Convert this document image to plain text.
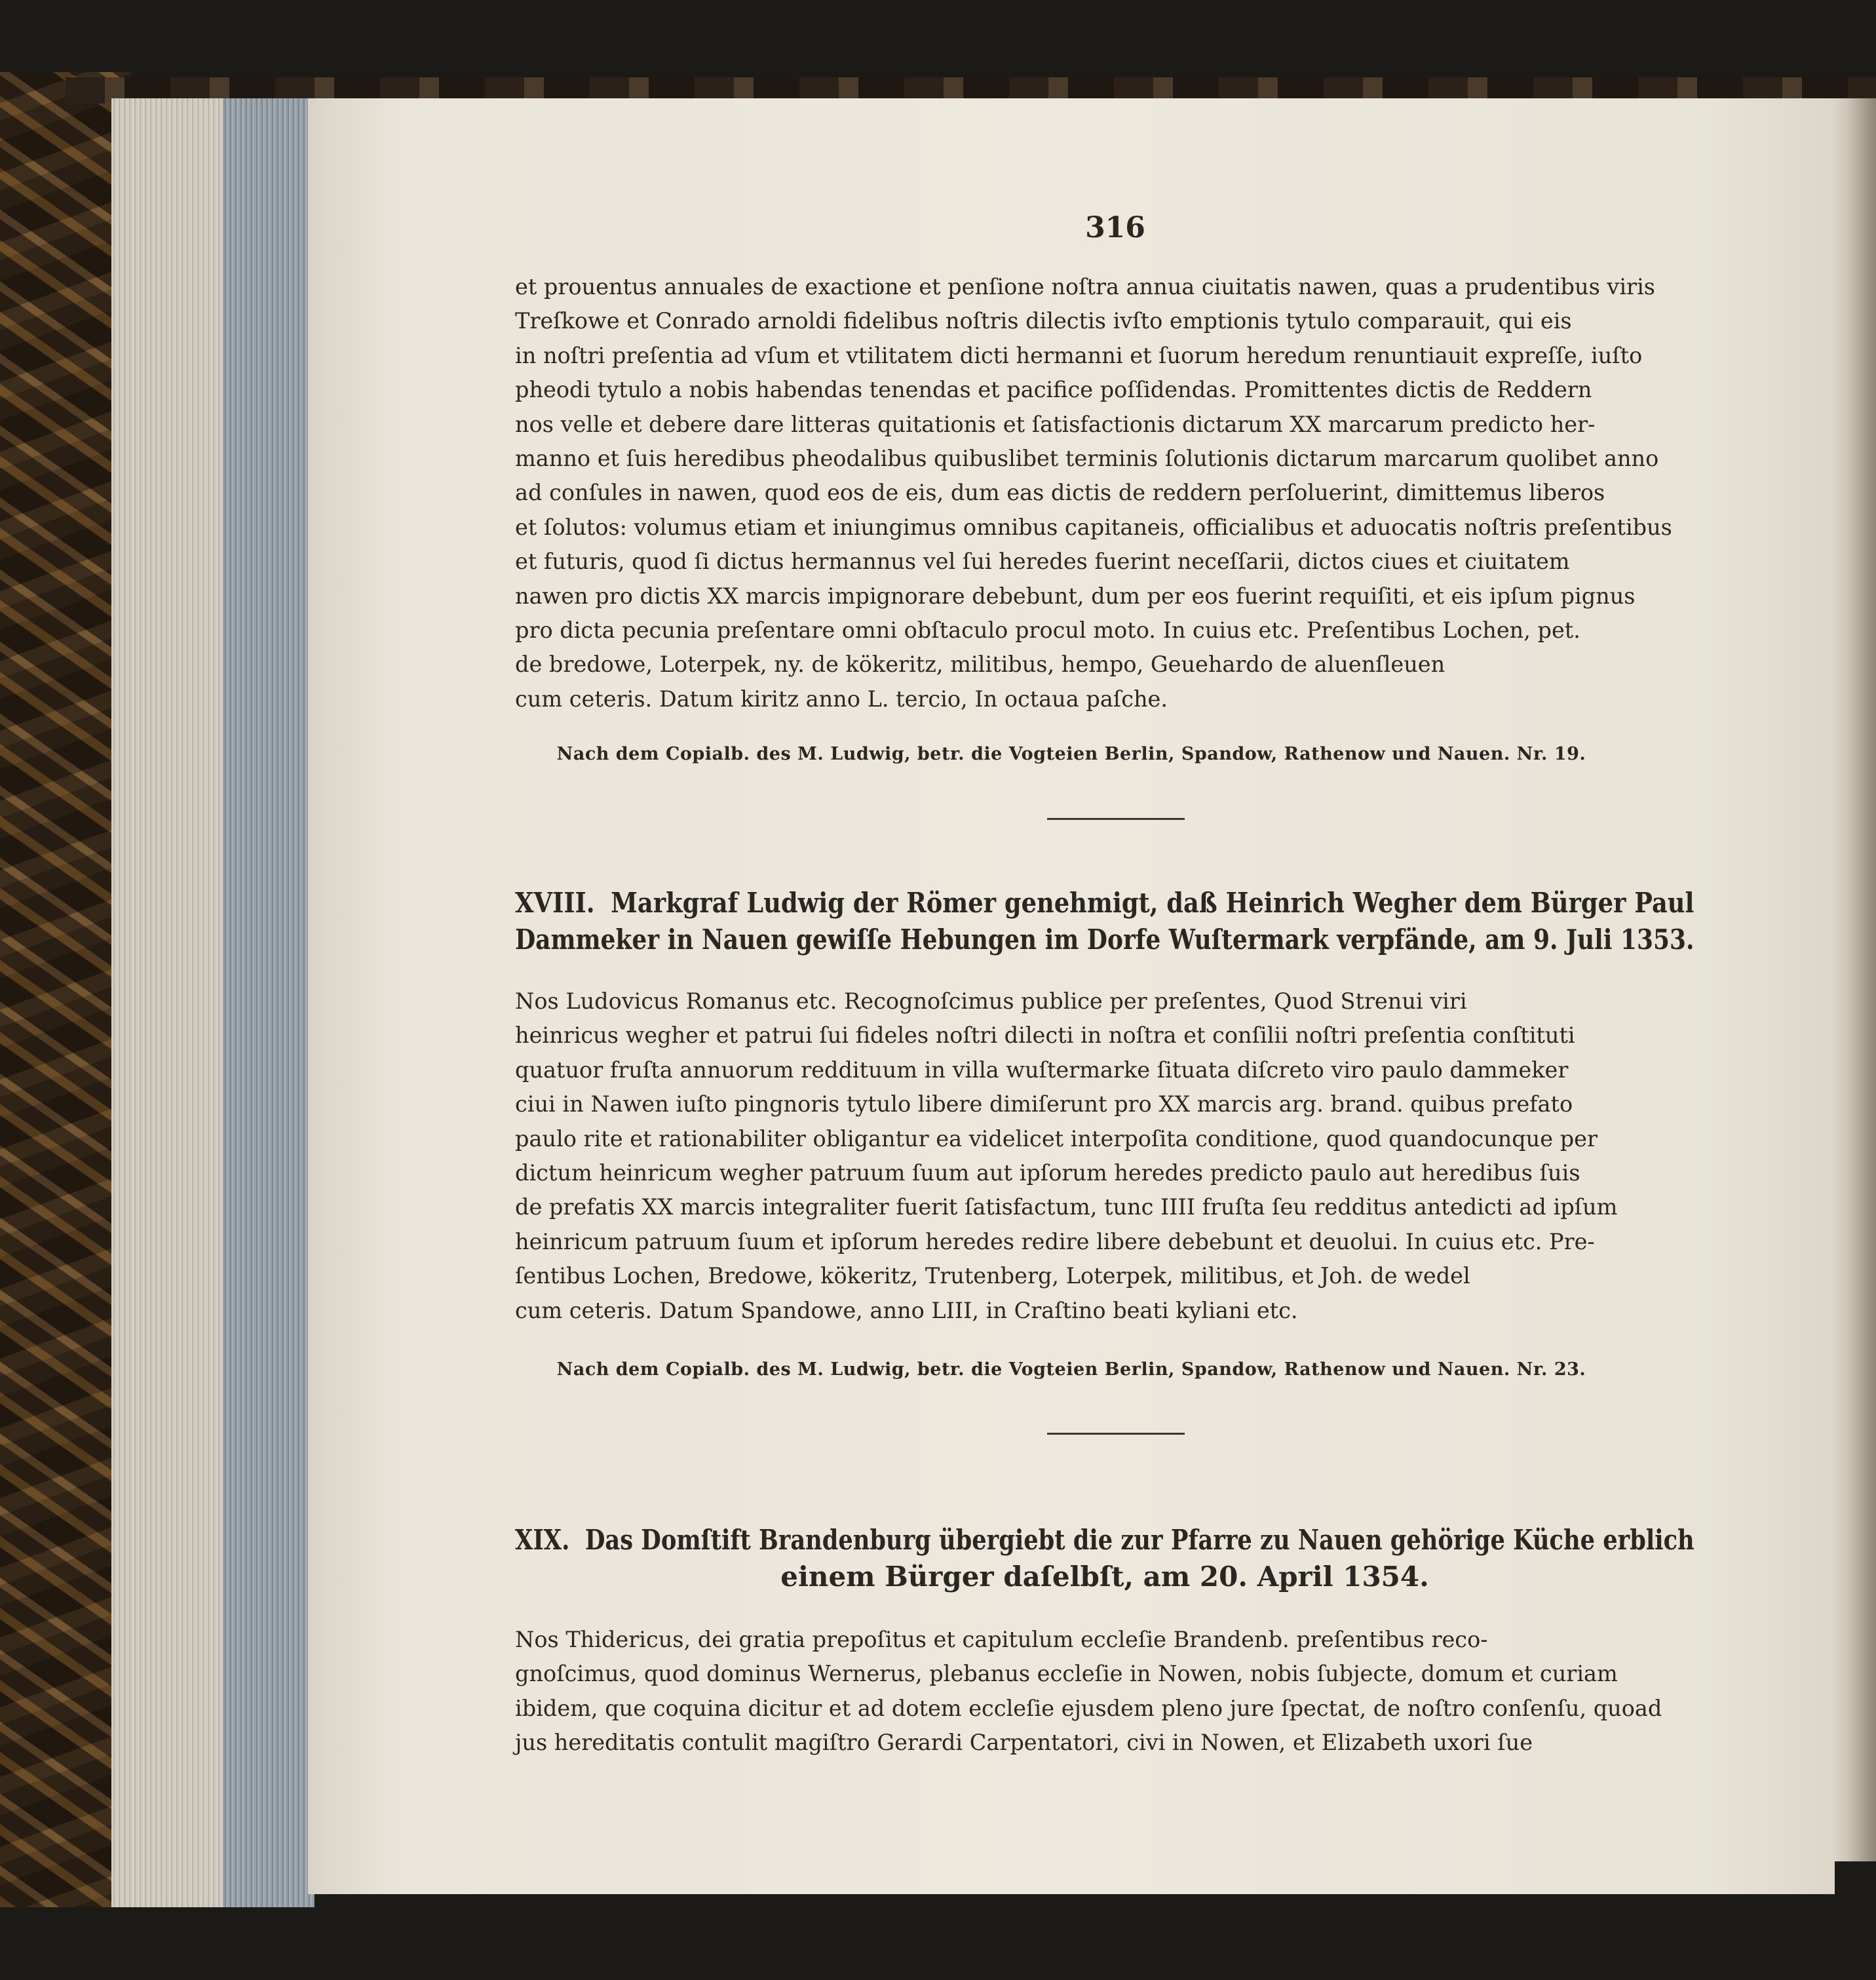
316
et prouentus annuales de exactione et penſione noſtra annua ciuitatis nawen, quas a prudentibus viris
Treſkowe et Conrado arnoldi fidelibus noſtris dilectis ivſto emptionis tytulo comparauit, qui eis
in noſtri preſentia ad vſum et vtilitatem dicti hermanni et ſuorum heredum renuntiauit expreſſe, iuſto
pheodi tytulo a nobis habendas tenendas et pacifice poſſidendas. Promittentes dictis de Reddern
nos velle et debere dare litteras quitationis et ſatisfactionis dictarum XX marcarum predicto her-
manno et ſuis heredibus pheodalibus quibuslibet terminis ſolutionis dictarum marcarum quolibet anno
ad conſules in nawen, quod eos de eis, dum eas dictis de reddern perſoluerint, dimittemus liberos
et ſolutos: volumus etiam et iniungimus omnibus capitaneis, officialibus et aduocatis noſtris preſentibus
et futuris, quod ſi dictus hermannus vel ſui heredes fuerint neceſſarii, dictos ciues et ciuitatem
nawen pro dictis XX marcis impignorare debebunt, dum per eos fuerint requiſiti, et eis ipſum pignus
pro dicta pecunia preſentare omni obſtaculo procul moto. In cuius etc. Preſentibus Lochen, pet.
de bredowe, Loterpek, ny. de kökeritz, militibus, hempo, Geuehardo de aluenſleuen
cum ceteris. Datum kiritz anno L. tercio, In octaua paſche.
Nach dem Copialb. des M. Ludwig, betr. die Vogteien Berlin, Spandow, Rathenow und Nauen. Nr. 19.
XVIII. Markgraf Ludwig der Römer genehmigt, daß Heinrich Wegher dem Bürger Paul
Dammeker in Nauen gewiſſe Hebungen im Dorfe Wuſtermark verpfände, am 9. Juli 1353.
Nos Ludovicus Romanus etc. Recognoſcimus publice per preſentes, Quod Strenui viri
heinricus wegher et patrui ſui fideles noſtri dilecti in noſtra et conſilii noſtri preſentia conſtituti
quatuor fruſta annuorum reddituum in villa wuſtermarke ſituata diſcreto viro paulo dammeker
ciui in Nawen iuſto pingnoris tytulo libere dimiſerunt pro XX marcis arg. brand. quibus prefato
paulo rite et rationabiliter obligantur ea videlicet interpoſita conditione, quod quandocunque per
dictum heinricum wegher patruum ſuum aut ipſorum heredes predicto paulo aut heredibus ſuis
de prefatis XX marcis integraliter fuerit ſatisfactum, tunc IIII fruſta ſeu redditus antedicti ad ipſum
heinricum patruum ſuum et ipſorum heredes redire libere debebunt et deuolui. In cuius etc. Pre-
ſentibus Lochen, Bredowe, kökeritz, Trutenberg, Loterpek, militibus, et Joh. de wedel
cum ceteris. Datum Spandowe, anno LIII, in Craſtino beati kyliani etc.
Nach dem Copialb. des M. Ludwig, betr. die Vogteien Berlin, Spandow, Rathenow und Nauen. Nr. 23.
XIX. Das Domſtift Brandenburg übergiebt die zur Pfarre zu Nauen gehörige Küche erblich
einem Bürger daſelbſt, am 20. April 1354.
Nos Thidericus, dei gratia prepoſitus et capitulum eccleſie Brandenb. preſentibus reco-
gnoſcimus, quod dominus Wernerus, plebanus eccleſie in Nowen, nobis ſubjecte, domum et curiam
ibidem, que coquina dicitur et ad dotem eccleſie ejusdem pleno jure ſpectat, de noſtro conſenſu, quoad
jus hereditatis contulit magiſtro Gerardi Carpentatori, civi in Nowen, et Elizabeth uxori ſue
